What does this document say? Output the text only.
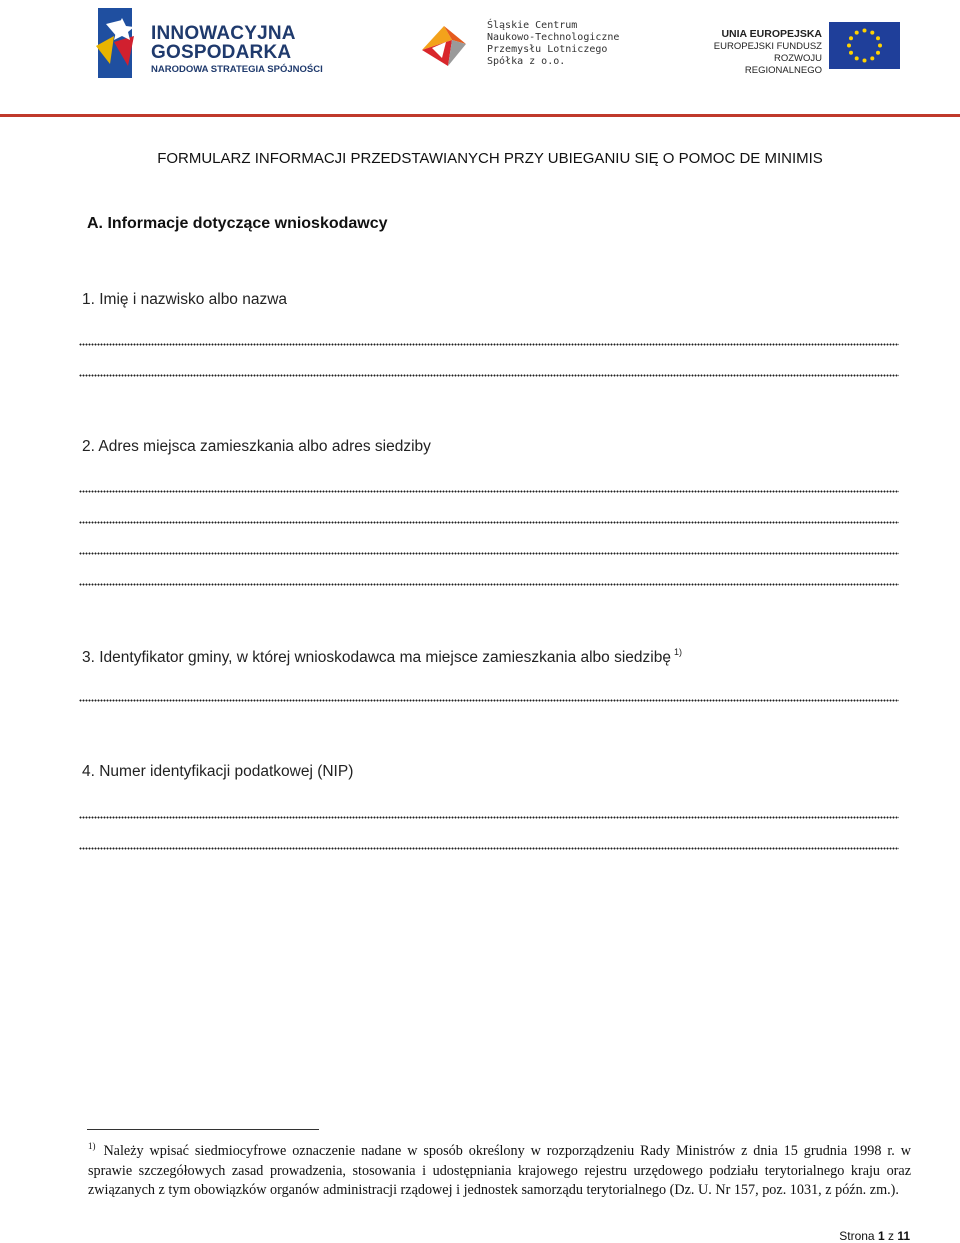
INNOWACYJNA
GOSPODARKA
NARODOWA STRATEGIA SPÓJNOŚCI
Śląskie Centrum
Naukowo-Technologiczne
Przemysłu Lotniczego
Spółka z o.o.
UNIA EUROPEJSKA
EUROPEJSKI FUNDUSZ
ROZWOJU REGIONALNEGO
FORMULARZ INFORMACJI PRZEDSTAWIANYCH PRZY UBIEGANIU SIĘ O POMOC DE MINIMIS
A. Informacje dotyczące wnioskodawcy
1. Imię i nazwisko albo nazwa
2. Adres miejsca zamieszkania albo adres siedziby
3. Identyfikator gminy, w której wnioskodawca ma miejsce zamieszkania albo siedzibę $^{1)}$
4. Numer identyfikacji podatkowej (NIP)
$^{1)}$ Należy wpisać siedmiocyfrowe oznaczenie nadane w sposób określony w rozporządzeniu Rady Ministrów z dnia 15 grudnia 1998 r. w sprawie szczegółowych zasad prowadzenia, stosowania i udostępniania krajowego rejestru urzędowego podziału terytorialnego kraju oraz związanych z tym obowiązków organów administracji rządowej i jednostek samorządu terytorialnego (Dz. U. Nr 157, poz. 1031, z późn. zm.).
Strona 1 z 11
